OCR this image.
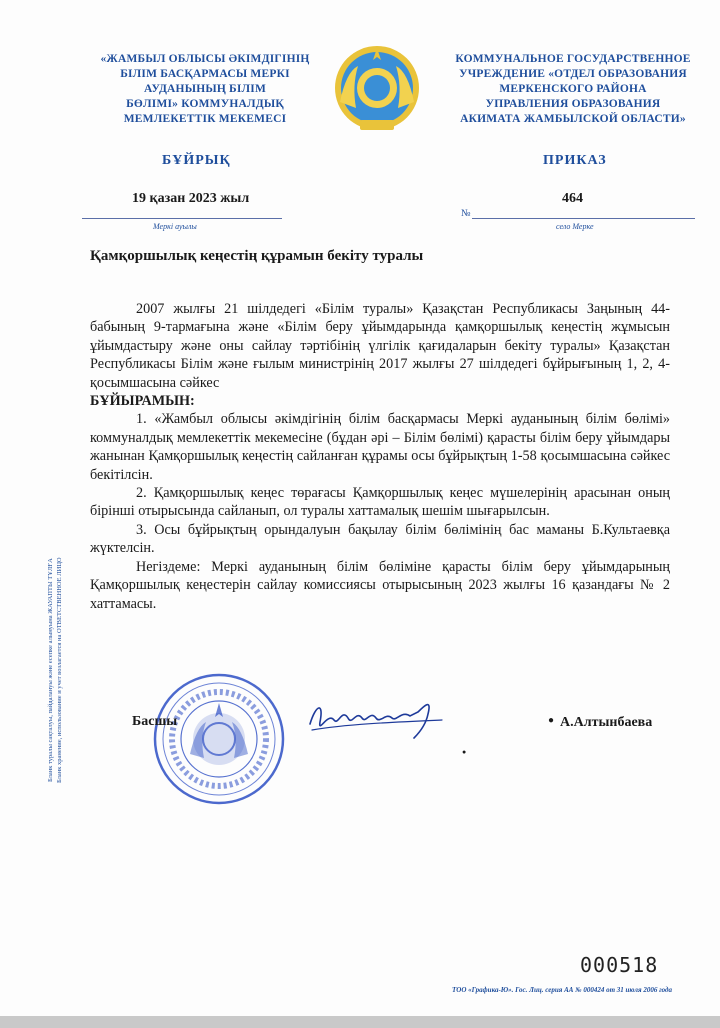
«ЖАМБЫЛ ОБЛЫСЫ ӘКІМДІГІНІҢ
БІЛІМ БАСҚАРМАСЫ МЕРКІ
АУДАНЫНЫҢ БІЛІМ
БӨЛІМІ» КОММУНАЛДЫҚ
МЕМЛЕКЕТТІК МЕКЕМЕСІ
КОММУНАЛЬНОЕ ГОСУДАРСТВЕННОЕ
УЧРЕЖДЕНИЕ «ОТДЕЛ ОБРАЗОВАНИЯ
МЕРКЕНСКОГО РАЙОНА
УПРАВЛЕНИЯ ОБРАЗОВАНИЯ
АКИМАТА ЖАМБЫЛСКОЙ ОБЛАСТИ»
БҰЙРЫҚ	ПРИКАЗ
19 қазан 2023 жыл	464
№
Меркі ауылы	село Мерке
Қамқоршылық кеңестің құрамын бекіту туралы

2007 жылғы 21 шілдедегі «Білім туралы» Қазақстан Республикасы Заңының 44-бабының 9-тармағына және «Білім беру ұйымдарында қамқоршылық кеңестің жұмысын ұйымдастыру және оны сайлау тәртібінің үлгілік қағидаларын бекіту туралы» Қазақстан Республикасы Білім және ғылым министрінің 2017 жылғы 27 шілдедегі бұйрығының 1, 2, 4-қосымшасына сәйкес

БҰЙЫРАМЫН:

1. «Жамбыл облысы әкімдігінің білім басқармасы Меркі ауданының білім бөлімі» коммуналдық мемлекеттік мекемесіне (бұдан әрі – Білім бөлімі) қарасты білім беру ұйымдары жанынан Қамқоршылық кеңестің сайланған құрамы осы бұйрықтың 1-58 қосымшасына сәйкес бекітілсін.

2. Қамқоршылық кеңес төрағасы Қамқоршылық кеңес мүшелерінің арасынан оның бірінші отырысында сайланып, ол туралы хаттамалық шешім шығарылсын.

3. Осы бұйрықтың орындалуын бақылау білім бөлімінің бас маманы Б.Культаевқа жүктелсін.

Негіздеме: Меркі ауданының білім бөліміне қарасты білім беру ұйымдарының Қамқоршылық кеңестерін сайлау комиссиясы отырысының 2023 жылғы 16 қазандағы № 2 хаттамасы.

Бланк туралы сақталуы, пайдалануы және есепке алынуына ЖАУАПТЫ ТҰЛҒА Бланк хранение, использование и учет возлагается на ОТВЕТСТВЕННОЕ ЛИЦО	Басшы	●
●
А.Алтынбаева
000518
ТОО «Графика-Ю». Гос. Лиц. серия АА № 000424 от 31 июля 2006 года
